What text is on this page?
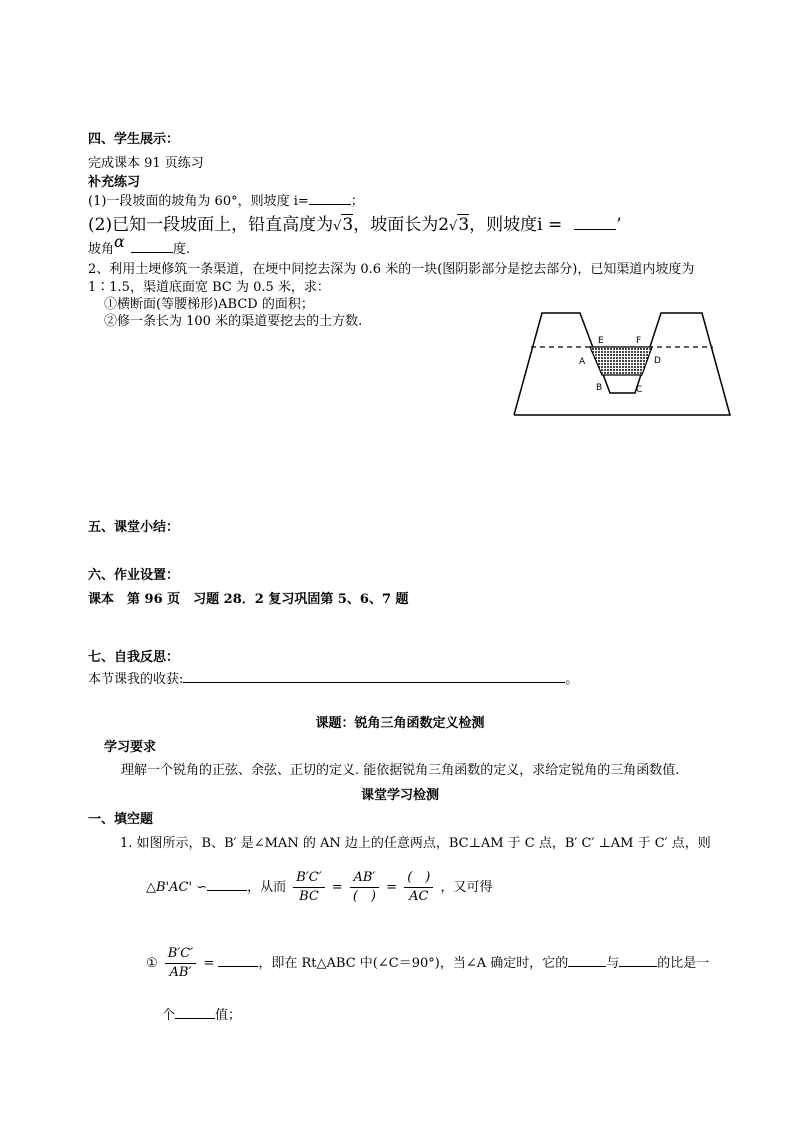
四、学生展示：
完成课本 91 页练习
补充练习
(1)一段坡面的坡角为 60°，则坡度 i=	；
(2)已知一段坡面上，铅直高度为√3，坡面长为2√3，则坡度i =	’
坡角α	度.
2、利用土埂修筑一条渠道，在埂中间挖去深为 0.6 米的一块(图阴影部分是挖去部分)，已知渠道内坡度为
1∶1.5，渠道底面宽 BC 为 0.5 米，求：
①横断面(等腰梯形)ABCD 的面积；
②修一条长为 100 米的渠道要挖去的土方数.
A
B	C
D
E	F
五、课堂小结：
六、作业设置：
课本　第 96 页　习题 28．2 复习巩固第 5、6、7 题
七、自我反思：
本节课我的收获:	。
课题：锐角三角函数定义检测
学习要求
理解一个锐角的正弦、余弦、正切的定义. 能依据锐角三角函数的定义，求给定锐角的三角函数值.
课堂学习检测
一、填空题
1. 如图所示，B、B′ 是∠MAN 的 AN 边上的任意两点，BC⊥AM 于 C 点，B′ C′ ⊥AM 于 C′ 点，则
△B'AC' ∽	，从而 $\frac{B'C'}{BC} = \frac{AB'}{( )} = \frac{( )}{AC}$ ，又可得
① $\frac{B'C'}{AB'}$ =	，即在 Rt△ABC 中(∠C＝90°)，当∠A 确定时，它的	与	的比是一
个	值；
